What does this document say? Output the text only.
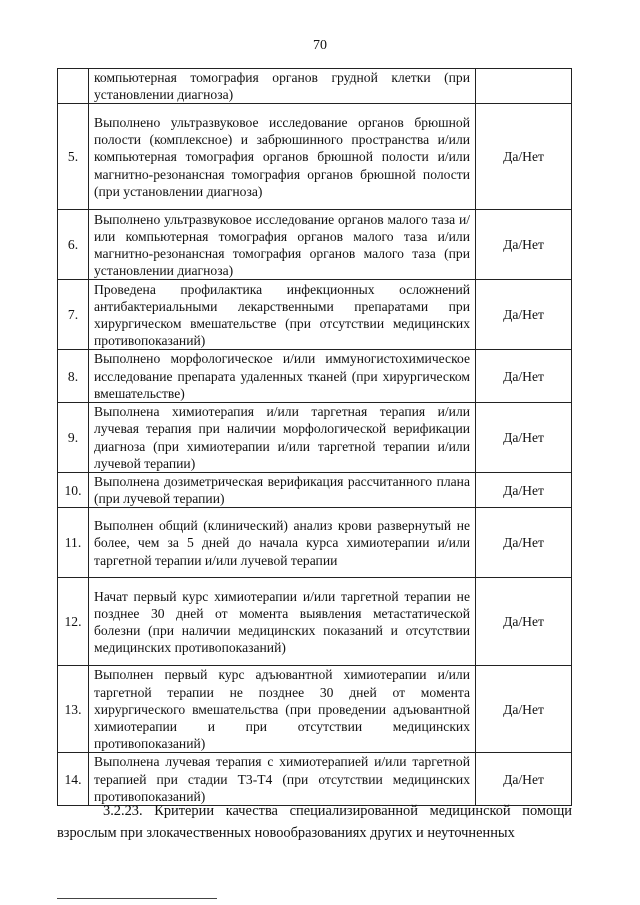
70
	компьютерная томография органов грудной клетки (при установлении диагноза)	
5.	Выполнено ультразвуковое исследование органов брюшной полости (комплексное) и забрюшинного пространства и/или компьютерная томография органов брюшной полости и/или магнитно-резонансная томография органов брюшной полости (при установлении диагноза)	Да/Нет
6.	Выполнено ультразвуковое исследование органов малого таза и/или компьютерная томография органов малого таза и/или магнитно-резонансная томография органов малого таза (при установлении диагноза)	Да/Нет
7.	Проведена профилактика инфекционных осложнений антибактериальными лекарственными препаратами при хирургическом вмешательстве (при отсутствии медицинских противопоказаний)	Да/Нет
8.	Выполнено морфологическое и/или иммуногистохимическое исследование препарата удаленных тканей (при хирургическом вмешательстве)	Да/Нет
9.	Выполнена химиотерапия и/или таргетная терапия и/или лучевая терапия при наличии морфологической верификации диагноза (при химиотерапии и/или таргетной терапии и/или лучевой терапии)	Да/Нет
10.	Выполнена дозиметрическая верификация рассчитанного плана (при лучевой терапии)	Да/Нет
11.	Выполнен общий (клинический) анализ крови развернутый не более, чем за 5 дней до начала курса химиотерапии и/или таргетной терапии и/или лучевой терапии	Да/Нет
12.	Начат первый курс химиотерапии и/или таргетной терапии не позднее 30 дней от момента выявления метастатической болезни (при наличии медицинских показаний и отсутствии медицинских противопоказаний)	Да/Нет
13.	Выполнен первый курс адъювантной химиотерапии и/или таргетной терапии не позднее 30 дней от момента хирургического вмешательства (при проведении адъювантной химиотерапии и при отсутствии медицинских противопоказаний)	Да/Нет
14.	Выполнена лучевая терапия с химиотерапией и/или таргетной терапией при стадии Т3-Т4 (при отсутствии медицинских противопоказаний)	Да/Нет
3.2.23. Критерии качества специализированной медицинской помощи взрослым при злокачественных новообразованиях других и неуточненных
